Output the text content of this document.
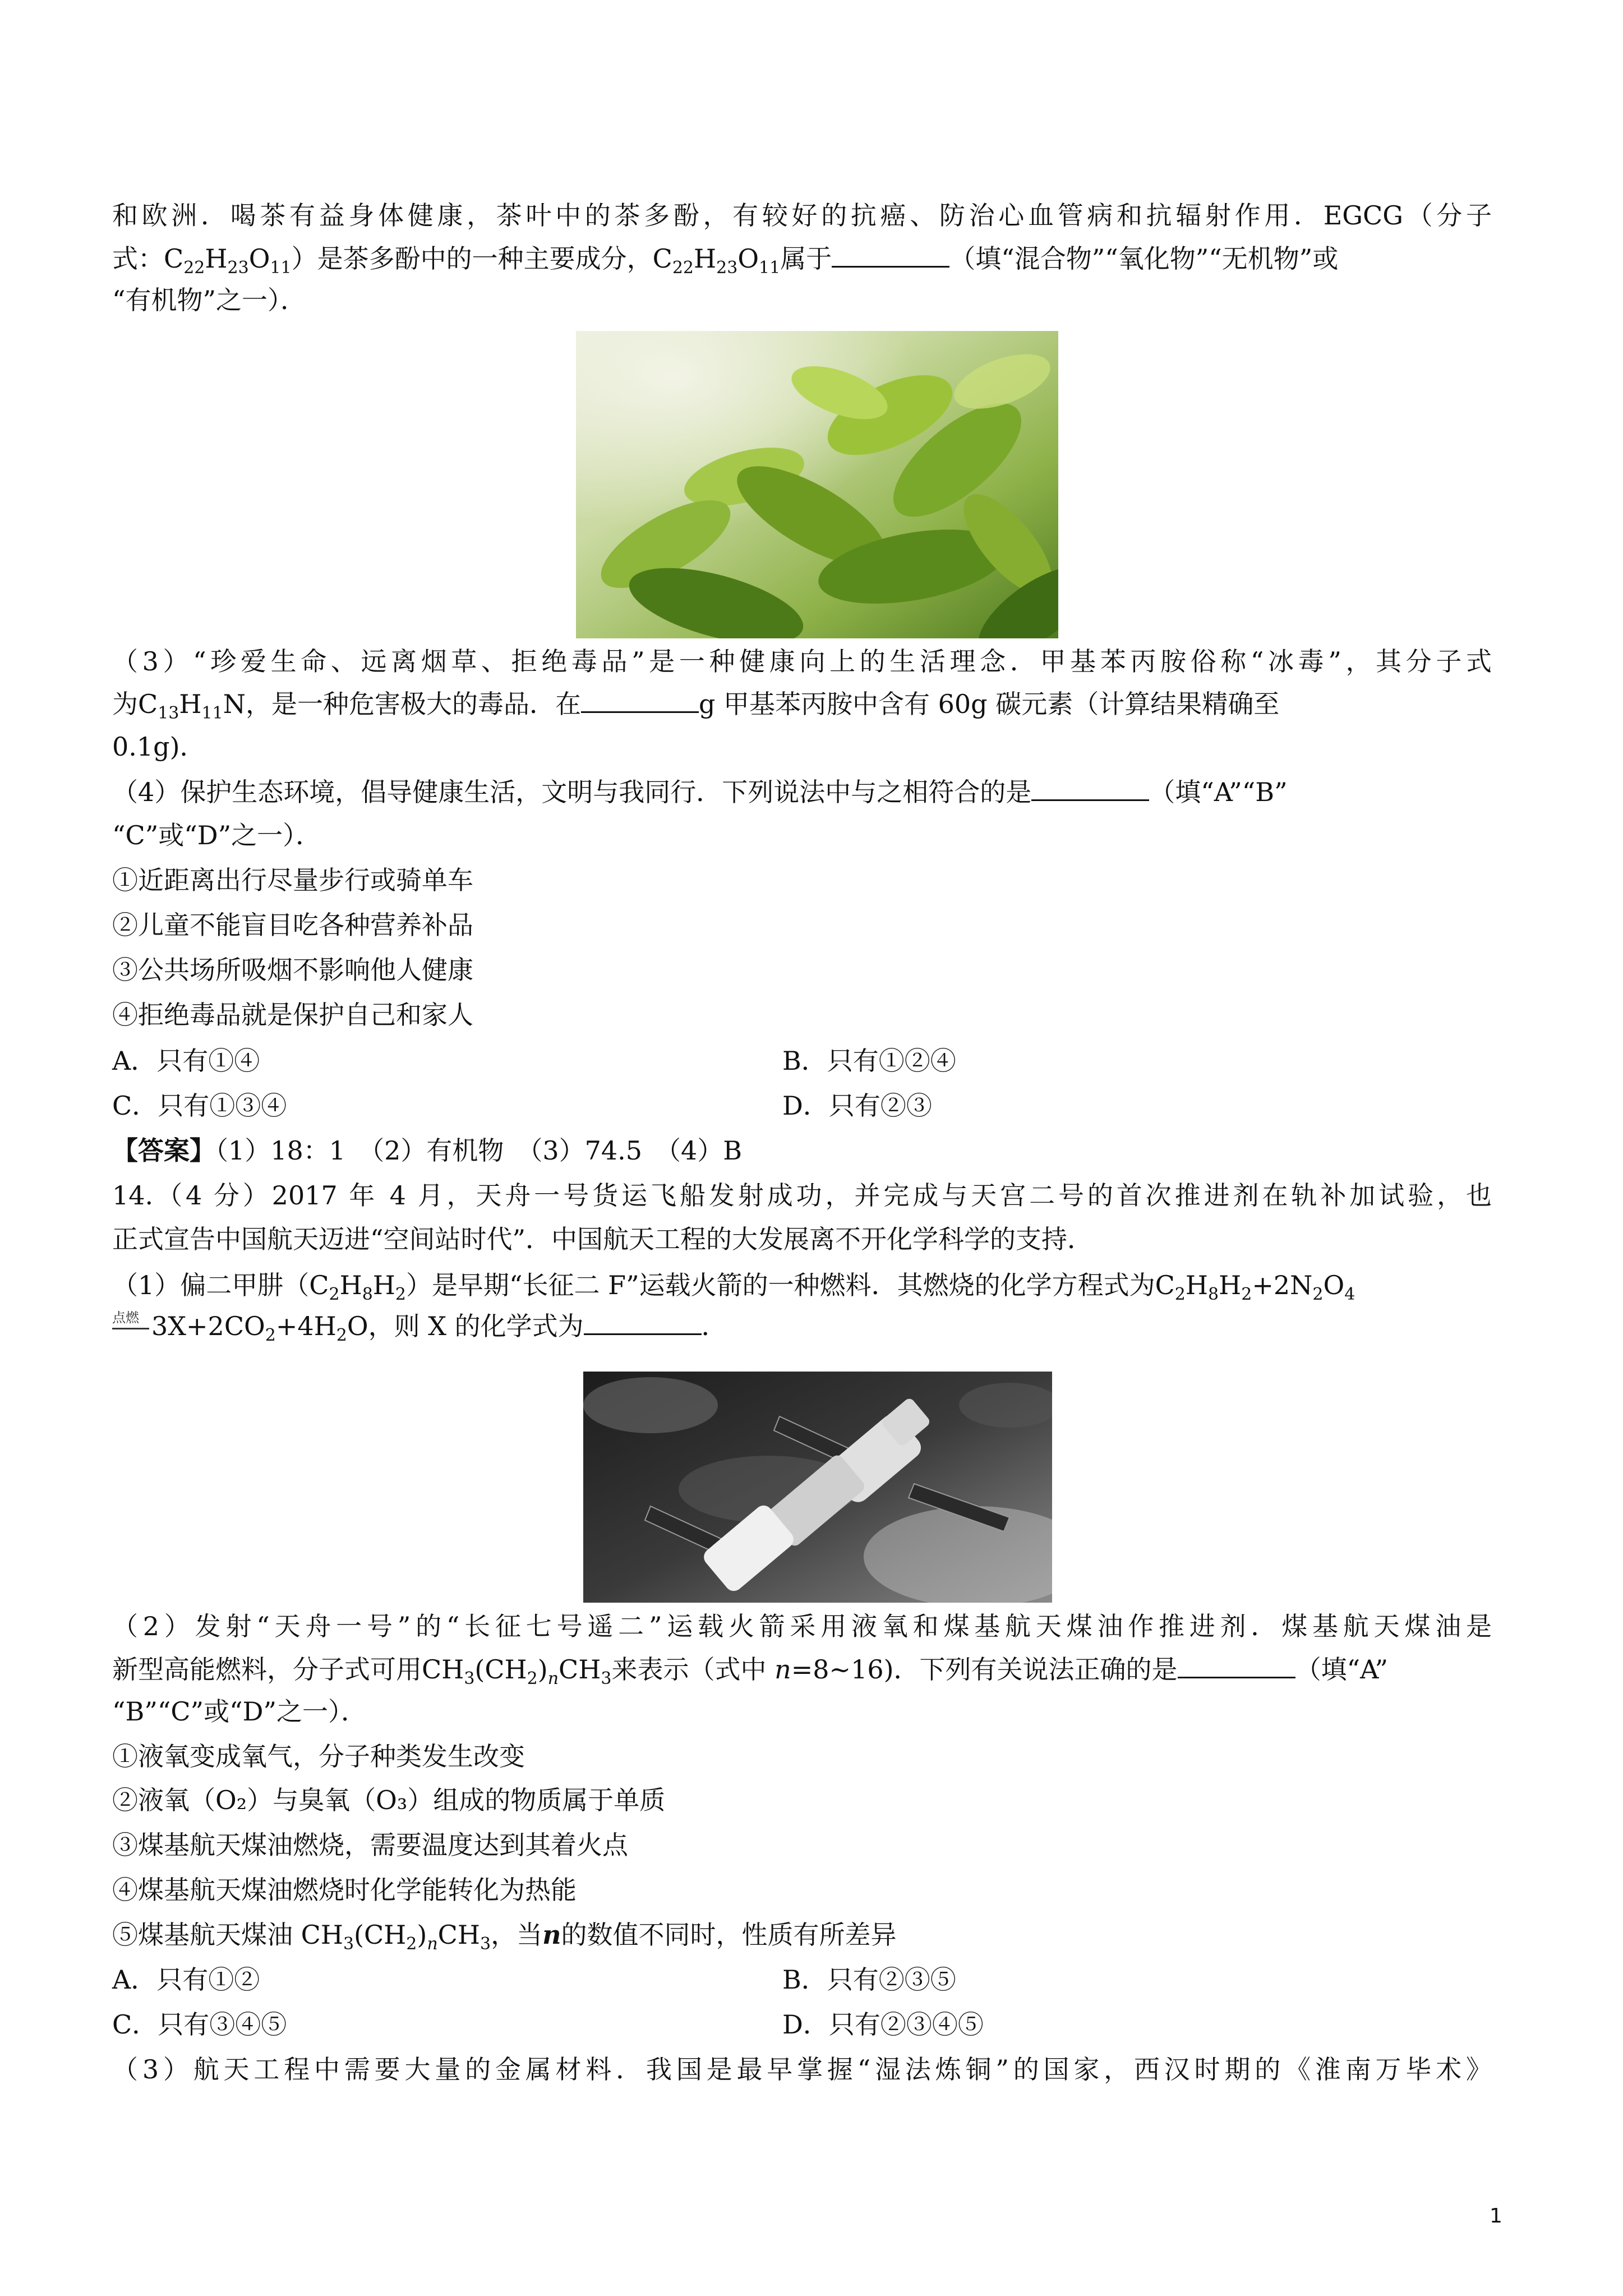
和欧洲．喝茶有益身体健康，茶叶中的茶多酚，有较好的抗癌、防治心血管病和抗辐射作用．EGCG（分子
式：$C_{22}H_{23}O_{11}$）是茶多酚中的一种主要成分，$C_{22}H_{23}O_{11}$属于	（填“混合物”“氧化物”“无机物”或
“有机物”之一）．
（3）“珍爱生命、远离烟草、拒绝毒品”是一种健康向上的生活理念．甲基苯丙胺俗称“冰毒”，其分子式
为$C_{13}H_{11}N$，是一种危害极大的毒品．在	g 甲基苯丙胺中含有 60g 碳元素（计算结果精确至
0.1g)．
（4）保护生态环境，倡导健康生活，文明与我同行．下列说法中与之相符合的是	（填“A”“B”
“C”或“D”之一）．
①近距离出行尽量步行或骑单车
②儿童不能盲目吃各种营养补品
③公共场所吸烟不影响他人健康
④拒绝毒品就是保护自己和家人
A．只有①④	B．只有①②④
C．只有①③④	D．只有②③
【答案】（1）18：1　（2）有机物　（3）74.5　（4）B
14.（4 分）2017 年 4 月，天舟一号货运飞船发射成功，并完成与天宫二号的首次推进剂在轨补加试验，也
正式宣告中国航天迈进“空间站时代”．中国航天工程的大发展离不开化学科学的支持．
（1）偏二甲肼$(C_2H_8H_2)$是早期“长征二 F”运载火箭的一种燃料．其燃烧的化学方程式为$C_2H_8H_2+2N_2O_4$
点燃 $3X+2CO_2+4H_2O$，则 X 的化学式为	．
（2）发射“天舟一号”的“长征七号遥二”运载火箭采用液氧和煤基航天煤油作推进剂．煤基航天煤油是
新型高能燃料，分子式可用$CH_3(CH_2)_nCH_3$来表示（式中 n=8~16)．下列有关说法正确的是	（填“A”
“B”“C”或“D”之一）．
①液氧变成氧气，分子种类发生改变
②液氧（O₂）与臭氧（O₃）组成的物质属于单质
③煤基航天煤油燃烧，需要温度达到其着火点
④煤基航天煤油燃烧时化学能转化为热能
⑤煤基航天煤油 $CH_3(CH_2)_nCH_3$，当n的数值不同时，性质有所差异
A．只有①②	B．只有②③⑤
C．只有③④⑤	D．只有②③④⑤
（3）航天工程中需要大量的金属材料．我国是最早掌握“湿法炼铜”的国家，西汉时期的《淮南万毕术》
1
